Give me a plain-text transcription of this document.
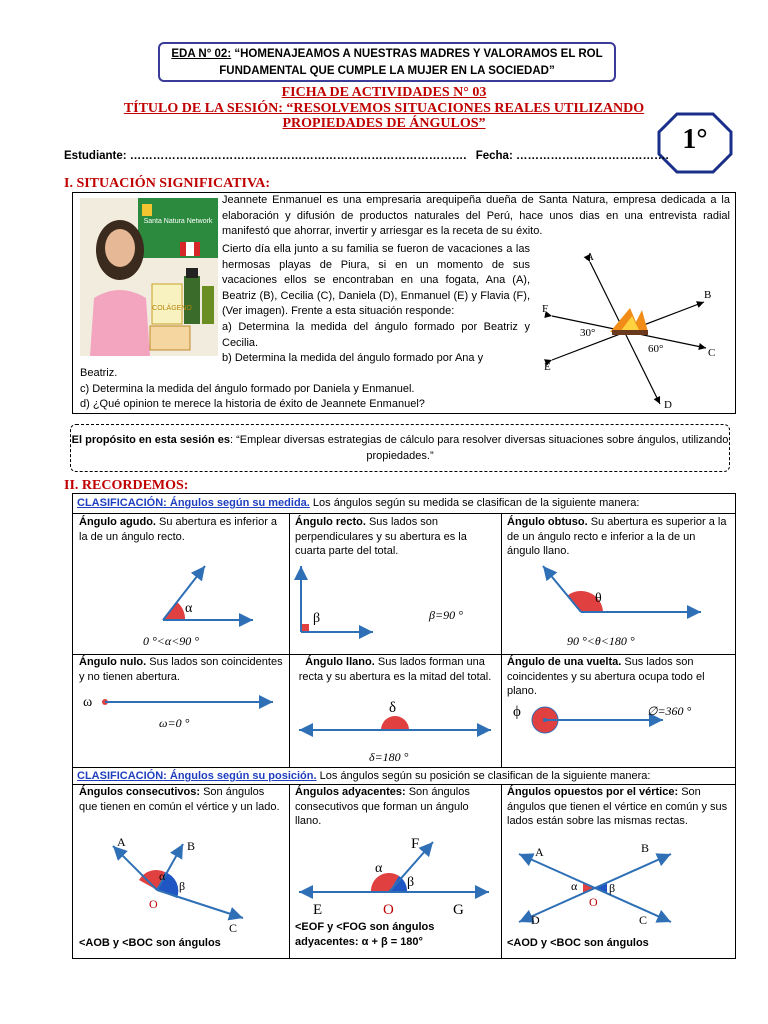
EDA N° 02: “HOMENAJEAMOS A NUESTRAS MADRES Y VALORAMOS EL ROL FUNDAMENTAL QUE CUMPLE LA MUJER EN LA SOCIEDAD”
FICHA DE ACTIVIDADES N° 03
TÍTULO DE LA SESIÓN: “RESOLVEMOS SITUACIONES REALES UTILIZANDO
PROPIEDADES DE ÁNGULOS”
1°
Estudiante: ……………………………………………………………………………. Fecha: ………………………………….
I. SITUACIÓN SIGNIFICATIVA:
COLÁGENO
Santa Natura Network
Jeannete Enmanuel es una empresaria arequipeña dueña de Santa Natura, empresa dedicada a la elaboración y difusión de productos naturales del Perú, hace unos dias en una entrevista radial manifestó que ahorrar, invertir y arriesgar es la receta de su éxito.
Cierto día ella junto a su familia se fueron de vacaciones a las hermosas playas de Piura, si en un momento de sus vacaciones ellos se encontraban en una fogata, Ana (A), Beatriz (B), Cecilia (C), Daniela (D), Enmanuel (E) y Flavia (F), (Ver imagen). Frente a esta situación responde:
a) Determina la medida del ángulo formado por Beatriz y Cecilia.
b) Determina la medida del ángulo formado por Ana y
Beatriz.
c) Determina la medida del ángulo formado por Daniela y Enmanuel.
d) ¿Qué opinion te merece la historia de éxito de Jeannete Enmanuel?
A
B
C
D
E
F
30°
60°
El propósito en esta sesión es: “Emplear diversas estrategias de cálculo para resolver diversas situaciones sobre ángulos, utilizando propiedades.”
II. RECORDEMOS:
CLASIFICACIÓN: Ángulos según su medida. Los ángulos según su medida se clasifican de la siguiente manera:
Ángulo agudo. Su abertura es inferior a la de un ángulo recto.
Ángulo recto. Sus lados son perpendiculares y su abertura es la cuarta parte del total.
Ángulo obtuso. Su abertura es superior a la de un ángulo recto e inferior a la de un ángulo llano.
α
0 °<α<90 °
β	β=90 °
θ
90 °<θ<180 °
Ángulo nulo. Sus lados son coincidentes y no tienen abertura.
Ángulo llano. Sus lados forman una recta y su abertura es la mitad del total.
Ángulo de una vuelta. Sus lados son coincidentes y su abertura ocupa todo el plano.
ω
ω=0 °
δ
δ=180 °
ϕ	∅=360 °
CLASIFICACIÓN: Ángulos según su posición. Los ángulos según su posición se clasifican de la siguiente manera:
Ángulos consecutivos: Son ángulos que tienen en común el vértice y un lado.
Ángulos adyacentes: Son ángulos consecutivos que forman un ángulo llano.
Ángulos opuestos por el vértice: Son ángulos que tienen el vértice en común y sus lados están sobre las mismas rectas.
A	B
C
O
α
β
<AOB y <BOC son ángulos
E
F
G
O
α
β
<EOF y <FOG son ángulos
adyacentes: α + β = 180°
A	B
C
D
O
α	β
<AOD y <BOC son ángulos
